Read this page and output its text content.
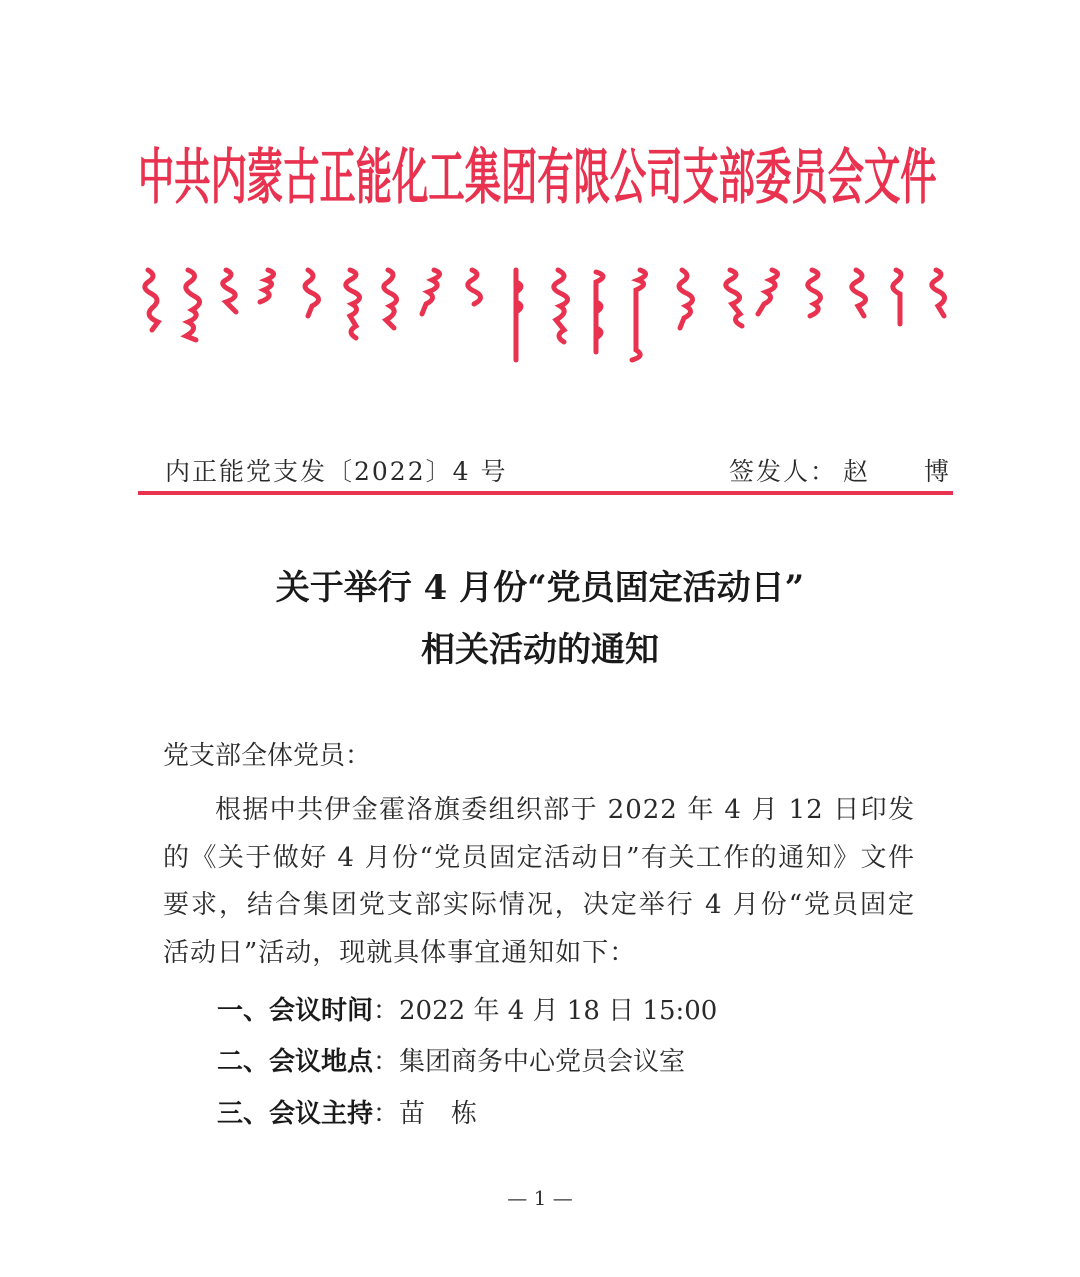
中共内蒙古正能化工集团有限公司支部委员会文件
内正能党支发〔2022〕4 号	签发人： 赵 博
关于举行 4 月份“党员固定活动日”
相关活动的通知
党支部全体党员：
根据中共伊金霍洛旗委组织部于 2022 年 4 月 12 日印发的《关于做好 4 月份“党员固定活动日”有关工作的通知》文件要求，结合集团党支部实际情况，决定举行 4 月份“党员固定活动日”活动，现就具体事宜通知如下：
一、会议时间：2022 年 4 月 18 日 15:00
二、会议地点：集团商务中心党员会议室
三、会议主持：苗　栋
— 1 —
